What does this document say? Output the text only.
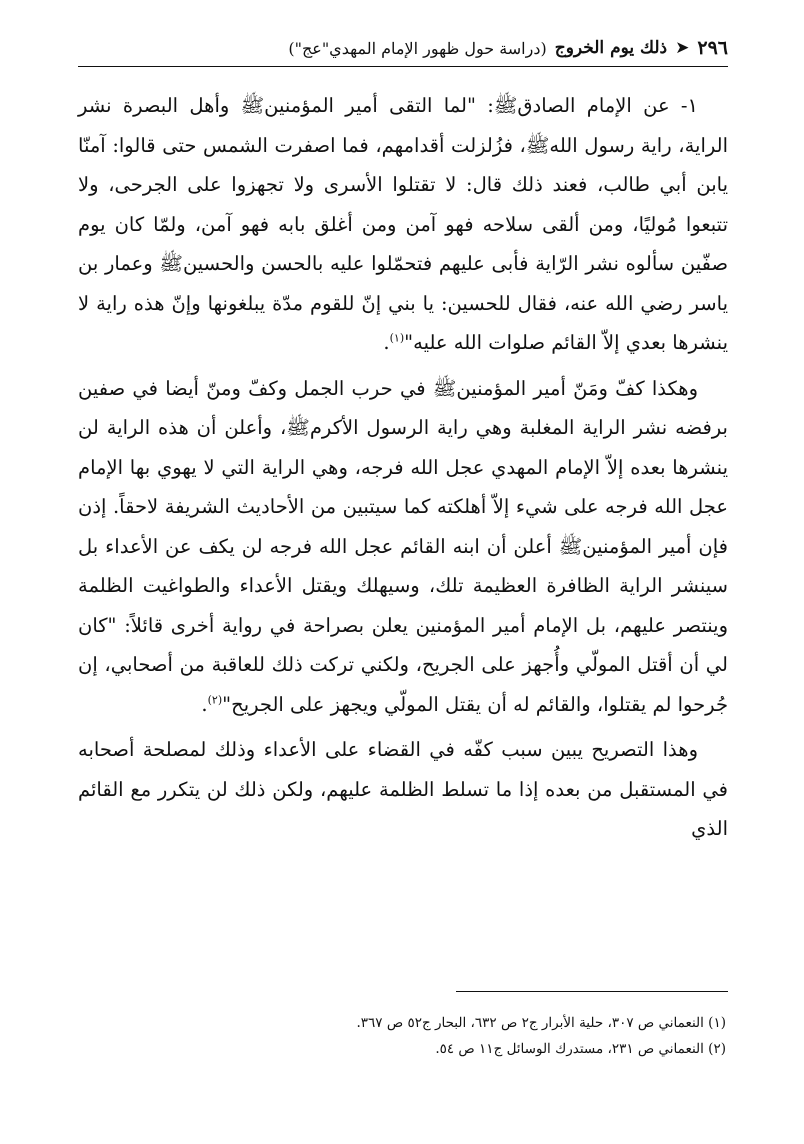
٢٩٦
➤
ذلك يوم الخروج
(دراسة حول ظهور الإمام المهدي"عج")

١- عن الإمام الصادقﷺ: "لما التقى أمير المؤمنينﷺ وأهل البصرة نشر الراية، راية رسول اللهﷺ، فزُلزلت أقدامهم، فما اصفرت الشمس حتى قالوا: آمنّا يابن أبي طالب، فعند ذلك قال: لا تقتلوا الأسرى ولا تجهزوا على الجرحى، ولا تتبعوا مُوليًا، ومن ألقى سلاحه فهو آمن ومن أغلق بابه فهو آمن، ولمّا كان يوم صفّين سألوه نشر الرّاية فأبى عليهم فتحمّلوا عليه بالحسن والحسينﷺ وعمار بن ياسر رضي الله عنه، فقال للحسين: يا بني إنّ للقوم مدّة يبلغونها وإنّ هذه راية لا ينشرها بعدي إلاّ القائم صلوات الله عليه"$^{(١)}$.

وهكذا كفّ ومَنّ أمير المؤمنينﷺ في حرب الجمل وكفّ ومنّ أيضا في صفين برفضه نشر الراية المغلبة وهي راية الرسول الأكرمﷺ، وأعلن أن هذه الراية لن ينشرها بعده إلاّ الإمام المهدي عجل الله فرجه، وهي الراية التي لا يهوي بها الإمام عجل الله فرجه على شيء إلاّ أهلكته كما سيتبين من الأحاديث الشريفة لاحقاً. إذن فإن أمير المؤمنينﷺ أعلن أن ابنه القائم عجل الله فرجه لن يكف عن الأعداء بل سينشر الراية الظافرة العظيمة تلك، وسيهلك ويقتل الأعداء والطواغيت الظلمة وينتصر عليهم، بل الإمام أمير المؤمنين يعلن بصراحة في رواية أخرى قائلاً: "كان لي أن أقتل المولّي وأُجهز على الجريح، ولكني تركت ذلك للعاقبة من أصحابي، إن جُرحوا لم يقتلوا، والقائم له أن يقتل المولّي ويجهز على الجريح"$^{(٢)}$.

وهذا التصريح يبين سبب كفّه في القضاء على الأعداء وذلك لمصلحة أصحابه في المستقبل من بعده إذا ما تسلط الظلمة عليهم، ولكن ذلك لن يتكرر مع القائم الذي

(١) النعماني ص ٣٠٧، حلية الأبرار ج٢ ص ٦٣٢، البحار ج٥٢ ص ٣٦٧.
(٢) النعماني ص ٢٣١، مستدرك الوسائل ج١١ ص ٥٤.
